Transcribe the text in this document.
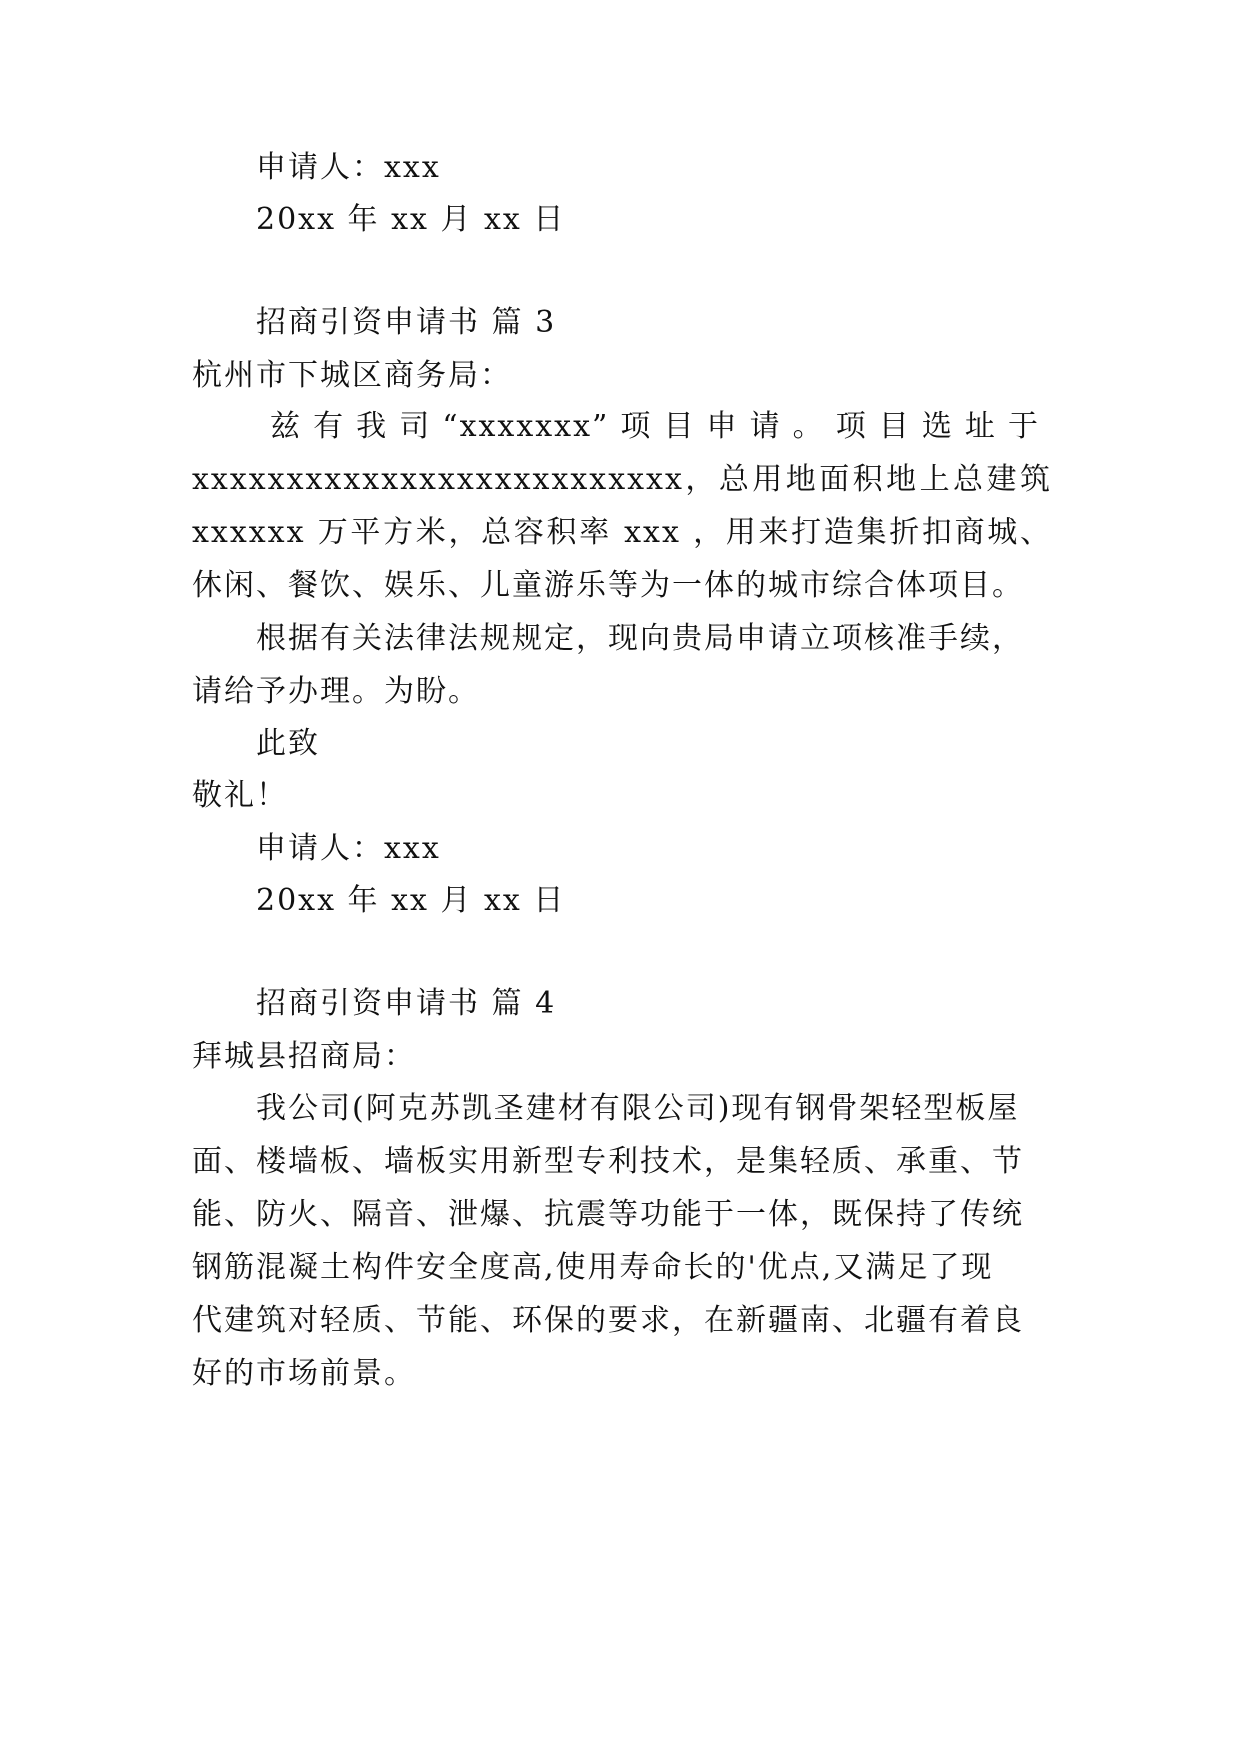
申请人：xxx
20xx 年 xx 月 xx 日
招商引资申请书 篇 3
杭州市下城区商务局：
兹有我司“xxxxxxx”项目申请。项目选址于
xxxxxxxxxxxxxxxxxxxxxxxxxx，总用地面积地上总建筑
xxxxxx 万平方米，总容积率 xxx ，用来打造集折扣商城、
休闲、餐饮、娱乐、儿童游乐等为一体的城市综合体项目。
根据有关法律法规规定，现向贵局申请立项核准手续，
请给予办理。为盼。
此致
敬礼！
申请人：xxx
20xx 年 xx 月 xx 日
招商引资申请书 篇 4
拜城县招商局：
我公司(阿克苏凯圣建材有限公司)现有钢骨架轻型板屋
面、楼墙板、墙板实用新型专利技术，是集轻质、承重、节
能、防火、隔音、泄爆、抗震等功能于一体，既保持了传统
钢筋混凝土构件安全度高,使用寿命长的'优点,又满足了现
代建筑对轻质、节能、环保的要求，在新疆南、北疆有着良
好的市场前景。
